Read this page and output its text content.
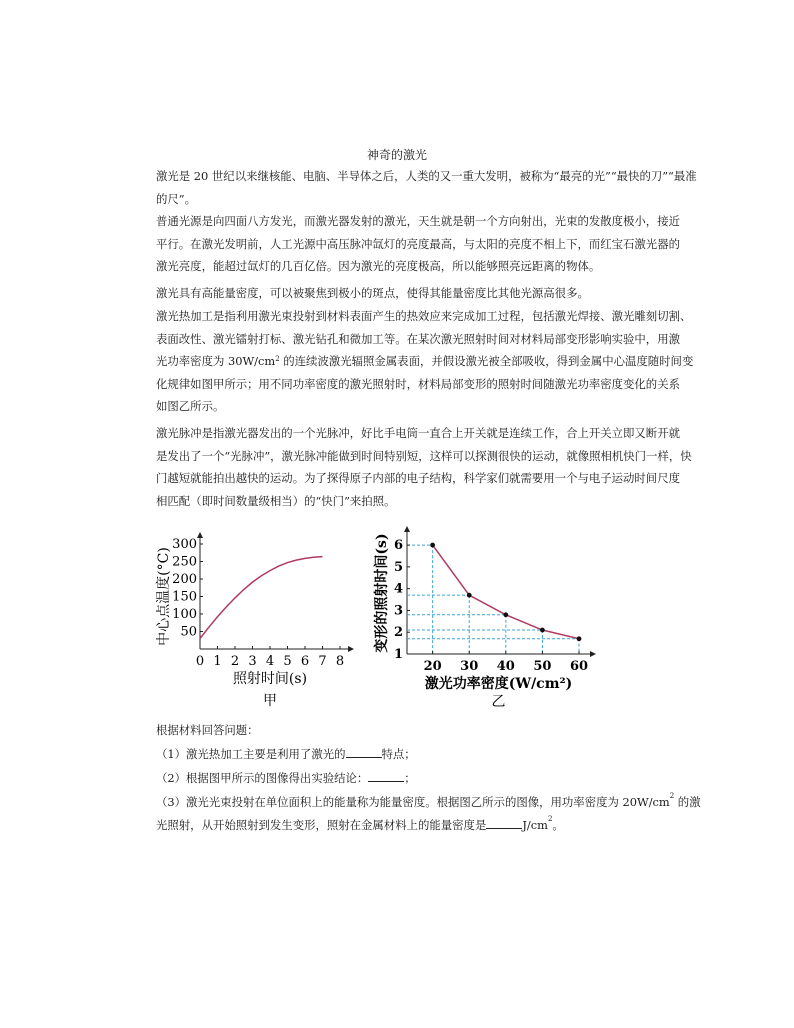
神奇的激光

激光是 20 世纪以来继核能、电脑、半导体之后，人类的又一重大发明，被称为“最亮的光”“最快的刀”“最准
的尺”。

普通光源是向四面八方发光，而激光器发射的激光，天生就是朝一个方向射出，光束的发散度极小，接近
平行。在激光发明前，人工光源中高压脉冲氙灯的亮度最高，与太阳的亮度不相上下，而红宝石激光器的
激光亮度，能超过氙灯的几百亿倍。因为激光的亮度极高，所以能够照亮远距离的物体。

激光具有高能量密度，可以被聚焦到极小的斑点，使得其能量密度比其他光源高很多。

激光热加工是指利用激光束投射到材料表面产生的热效应来完成加工过程，包括激光焊接、激光雕刻切割、
表面改性、激光镭射打标、激光钻孔和微加工等。在某次激光照射时间对材料局部变形影响实验中，用激
光功率密度为 $30W/cm^2$ 的连续波激光辐照金属表面，并假设激光被全部吸收，得到金属中心温度随时间变
化规律如图甲所示；用不同功率密度的激光照射时，材料局部变形的照射时间随激光功率密度变化的关系
如图乙所示。

激光脉冲是指激光器发出的一个光脉冲，好比手电筒一直合上开关就是连续工作，合上开关立即又断开就
是发出了一个“光脉冲”，激光脉冲能做到时间特别短，这样可以探测很快的运动，就像照相机快门一样，快
门越短就能拍出越快的运动。为了探得原子内部的电子结构，科学家们就需要用一个与电子运动时间尺度
相匹配（即时间数量级相当）的“快门”来拍照。

0 1 2 3 4 5 6 7 8
50
100
150
200
250
300
照射时间(s)
中心点温度(°C)
甲
20 30 40 50 60
1
2
3
4
5
6
激光功率密度(W/cm²)
变形的照射时间(s)
乙
根据材料回答问题：
（1）激光热加工主要是利用了激光的	特点；
（2）根据图甲所示的图像得出实验结论：	；
（3）激光光束投射在单位面积上的能量称为能量密度。根据图乙所示的图像，用功率密度为 $20W/cm^2$ 的激
光照射，从开始照射到发生变形，照射在金属材料上的能量密度是	$J/cm^2$。
